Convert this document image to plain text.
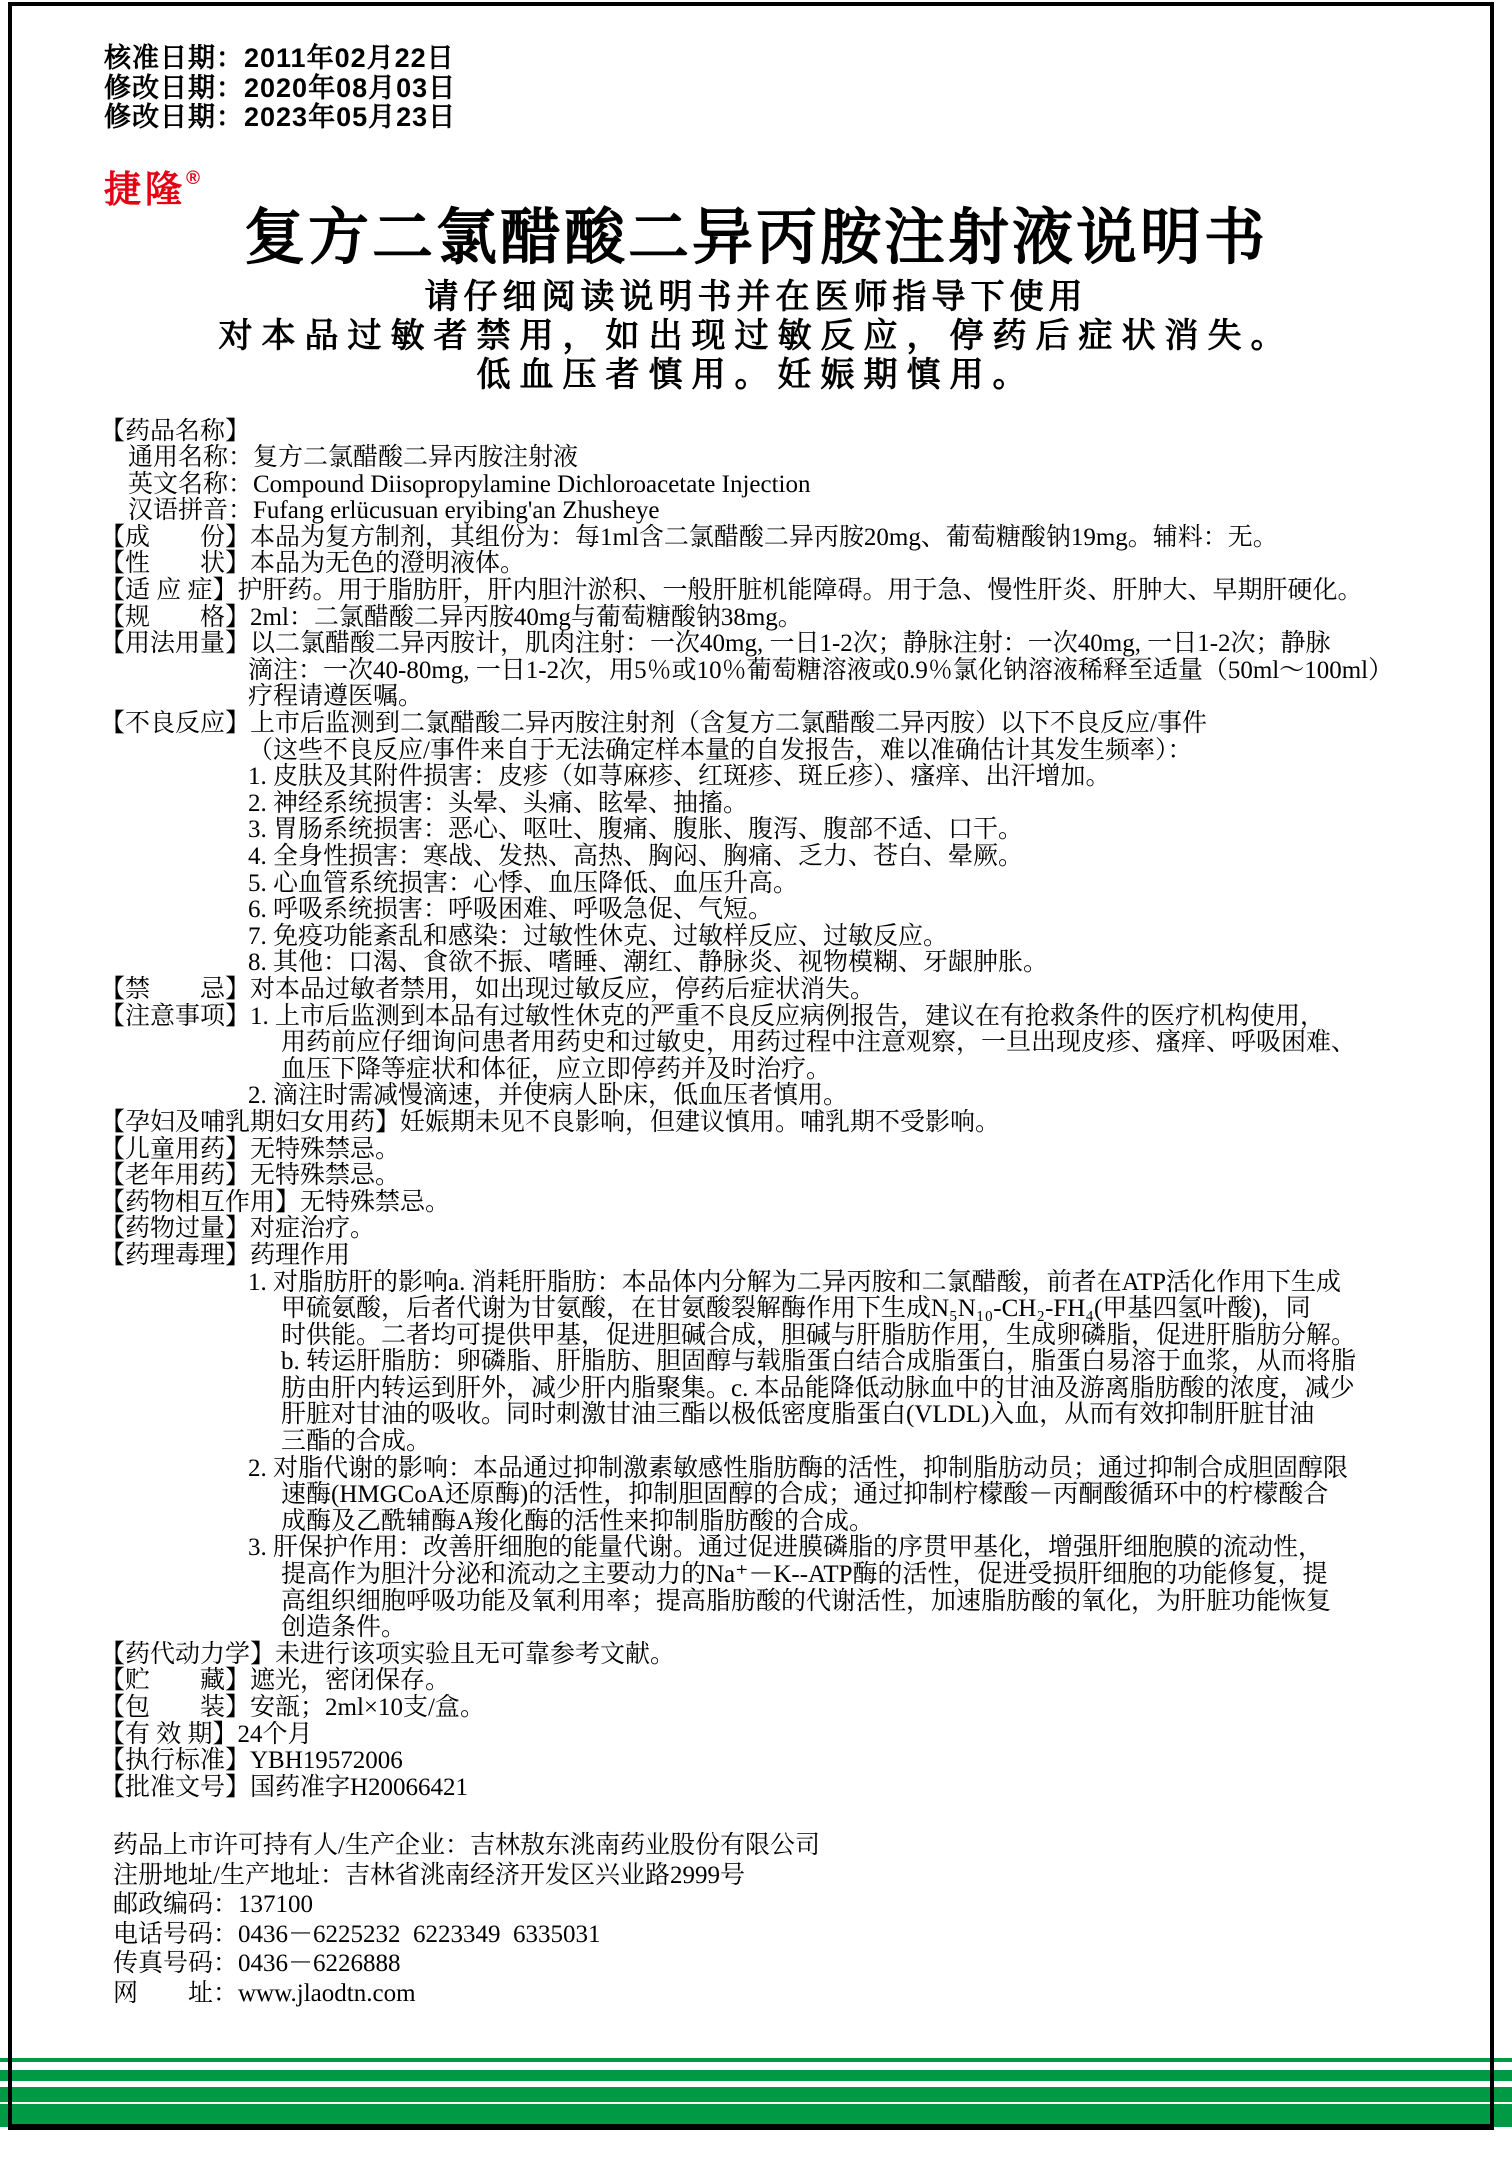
核准日期：2011年02月22日
修改日期：2020年08月03日
修改日期：2023年05月23日
捷隆®
复方二氯醋酸二异丙胺注射液说明书
请仔细阅读说明书并在医师指导下使用
对本品过敏者禁用，如出现过敏反应，停药后症状消失。
低血压者慎用。妊娠期慎用。
【药品名称】
通用名称：复方二氯醋酸二异丙胺注射液
英文名称：Compound Diisopropylamine Dichloroacetate Injection
汉语拼音：Fufang erlücusuan eryibing'an Zhusheye
【成　　份】本品为复方制剂，其组份为：每1ml含二氯醋酸二异丙胺20mg、葡萄糖酸钠19mg。辅料：无。
【性　　状】本品为无色的澄明液体。
【适 应 症】护肝药。用于脂肪肝，肝内胆汁淤积、一般肝脏机能障碍。用于急、慢性肝炎、肝肿大、早期肝硬化。
【规　　格】2ml：二氯醋酸二异丙胺40mg与葡萄糖酸钠38mg。
【用法用量】以二氯醋酸二异丙胺计，肌肉注射：一次40mg, 一日1-2次；静脉注射：一次40mg, 一日1-2次；静脉
滴注：一次40-80mg, 一日1-2次，用5％或10％葡萄糖溶液或0.9％氯化钠溶液稀释至适量（50ml～100ml）
疗程请遵医嘱。
【不良反应】上市后监测到二氯醋酸二异丙胺注射剂（含复方二氯醋酸二异丙胺）以下不良反应/事件
（这些不良反应/事件来自于无法确定样本量的自发报告，难以准确估计其发生频率）：
1. 皮肤及其附件损害：皮疹（如荨麻疹、红斑疹、斑丘疹）、瘙痒、出汗增加。
2. 神经系统损害：头晕、头痛、眩晕、抽搐。
3. 胃肠系统损害：恶心、呕吐、腹痛、腹胀、腹泻、腹部不适、口干。
4. 全身性损害：寒战、发热、高热、胸闷、胸痛、乏力、苍白、晕厥。
5. 心血管系统损害：心悸、血压降低、血压升高。
6. 呼吸系统损害：呼吸困难、呼吸急促、气短。
7. 免疫功能紊乱和感染：过敏性休克、过敏样反应、过敏反应。
8. 其他：口渴、食欲不振、嗜睡、潮红、静脉炎、视物模糊、牙龈肿胀。
【禁　　忌】对本品过敏者禁用，如出现过敏反应，停药后症状消失。
【注意事项】1. 上市后监测到本品有过敏性休克的严重不良反应病例报告，建议在有抢救条件的医疗机构使用，
用药前应仔细询问患者用药史和过敏史，用药过程中注意观察，一旦出现皮疹、瘙痒、呼吸困难、
血压下降等症状和体征，应立即停药并及时治疗。
2. 滴注时需减慢滴速，并使病人卧床，低血压者慎用。
【孕妇及哺乳期妇女用药】妊娠期未见不良影响，但建议慎用。哺乳期不受影响。
【儿童用药】无特殊禁忌。
【老年用药】无特殊禁忌。
【药物相互作用】无特殊禁忌。
【药物过量】对症治疗。
【药理毒理】药理作用
1. 对脂肪肝的影响a. 消耗肝脂肪：本品体内分解为二异丙胺和二氯醋酸，前者在ATP活化作用下生成
甲硫氨酸，后者代谢为甘氨酸，在甘氨酸裂解酶作用下生成N₅N₁₀-CH₂-FH₄(甲基四氢叶酸)，同
时供能。二者均可提供甲基，促进胆碱合成，胆碱与肝脂肪作用，生成卵磷脂，促进肝脂肪分解。
b. 转运肝脂肪：卵磷脂、肝脂肪、胆固醇与载脂蛋白结合成脂蛋白，脂蛋白易溶于血浆，从而将脂
肪由肝内转运到肝外，减少肝内脂聚集。c. 本品能降低动脉血中的甘油及游离脂肪酸的浓度，减少
肝脏对甘油的吸收。同时刺激甘油三酯以极低密度脂蛋白(VLDL)入血，从而有效抑制肝脏甘油
三酯的合成。
2. 对脂代谢的影响：本品通过抑制激素敏感性脂肪酶的活性，抑制脂肪动员；通过抑制合成胆固醇限
速酶(HMGCoA还原酶)的活性，抑制胆固醇的合成；通过抑制柠檬酸－丙酮酸循环中的柠檬酸合
成酶及乙酰辅酶A羧化酶的活性来抑制脂肪酸的合成。
3. 肝保护作用：改善肝细胞的能量代谢。通过促进膜磷脂的序贯甲基化，增强肝细胞膜的流动性，
提高作为胆汁分泌和流动之主要动力的Na⁺－K--ATP酶的活性，促进受损肝细胞的功能修复，提
高组织细胞呼吸功能及氧利用率；提高脂肪酸的代谢活性，加速脂肪酸的氧化，为肝脏功能恢复
创造条件。
【药代动力学】未进行该项实验且无可靠参考文献。
【贮　　藏】遮光，密闭保存。
【包　　装】安瓿；2ml×10支/盒。
【有 效 期】24个月
【执行标准】YBH19572006
【批准文号】国药准字H20066421
药品上市许可持有人/生产企业：吉林敖东洮南药业股份有限公司
注册地址/生产地址：吉林省洮南经济开发区兴业路2999号
邮政编码：137100
电话号码：0436－6225232  6223349  6335031
传真号码：0436－6226888
网　　址：www.jlaodtn.com
